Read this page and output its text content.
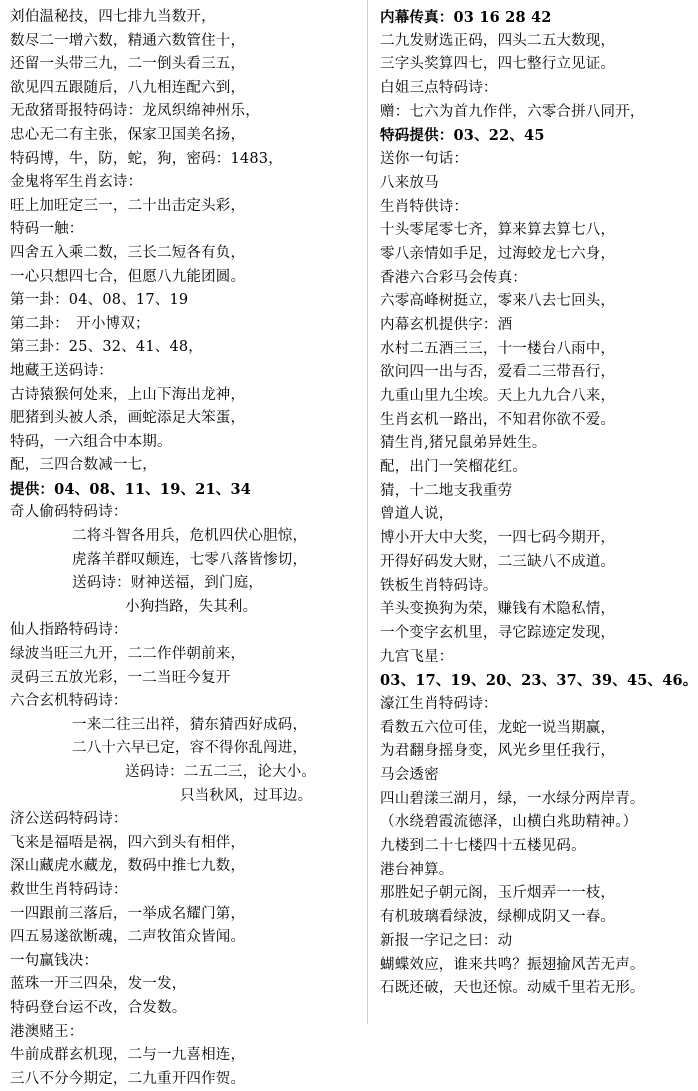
刘伯温秘技，四七排九当数开，
数尽二一增六数，精通六数管住十，
还留一头带三九，二一倒头看三五，
欲见四五跟随后，八九相连配六到，
无敌猪哥报特码诗：龙凤织绵神州乐，
忠心无二有主张，保家卫国美名扬，
特码博，牛，防，蛇，狗，密码：1483，
金鬼将军生肖玄诗：
旺上加旺定三一，二十出击定头彩，
特码一触：
四舍五入乘二数，三长二短各有负，
一心只想四七合，但愿八九能团圆。
第一卦：04、08、17、19
第二卦：　开小博双；
第三卦：25、32、41、48，
地藏王送码诗：
古诗猿猴何处来，上山下海出龙神，
肥猪到头被人杀，画蛇添足大笨蛋，
特码，一六组合中本期。
配，三四合数减一七，
提供：04、08、11、19、21、34
奇人偷码特码诗：
二将斗智各用兵，危机四伏心胆惊，
虎落羊群叹颠连，七零八落皆惨切，
送码诗：财神送福，到门庭，
小狗挡路，失其利。
仙人指路特码诗：
绿波当旺三九开，二二作伴朝前来，
灵码三五放光彩，一二当旺今复开
六合玄机特码诗：
一来二往三出祥，猜东猜西好成码，
二八十六早已定，容不得你乱闯进，
送码诗：二五二三，论大小。
只当秋风，过耳边。
济公送码特码诗：
飞来是福唔是祸，四六到头有相伴，
深山藏虎水藏龙，数码中推七九数，
救世生肖特码诗：
一四跟前三落后，一举成名耀门第，
四五易遂欲断魂，二声牧笛众皆闻。
一句赢钱决：
蓝珠一开三四朵，发一发，
特码登台运不改，合发数。
港澳赌王：
牛前成群玄机现，二与一九喜相连，
三八不分今期定，二九重开四作贺。
内幕传真：03 16 28 42
二九发财选正码，四头二五大数现，
三字头奖算四七，四七整行立见证。
白姐三点特码诗：
赠：七六为首九作伴，六零合拼八同开，
特码提供：03、22、45
送你一句话：
八来放马
生肖特供诗：
十头零尾零七齐，算来算去算七八，
零八亲情如手足，过海蛟龙七六身，
香港六合彩马会传真：
六零高峰树挺立，零来八去七回头，
内幕玄机提供字：酒
水村二五酒三三，十一楼台八雨中，
欲问四一出与否，爱看二三带吾行，
九重山里九尘埃。天上九九合八来，
生肖玄机一路出，不知君你欲不爱。
猜生肖,猪兄鼠弟异姓生。
配，出门一笑榴花红。
猜，十二地支我重劳
曾道人说，
博小开大中大奖，一四七码今期开，
开得好码发大财，二三缺八不成道。
铁板生肖特码诗。
羊头变换狗为荣，赚钱有术隐私情，
一个变字玄机里，寻它踪迹定发现，
九宫飞星：
03、17、19、20、23、37、39、45、46。
濠江生肖特码诗：
看数五六位可佳，龙蛇一说当期赢，
为君翻身摇身变，风光乡里任我行，
马会透密
四山碧漾三湖月，绿，一水绿分两岸青。
（水绕碧霞流德泽，山横白兆助精神。）
九楼到二十七楼四十五楼见码。
港台神算。
那胜妃子朝元阁，玉斤烟弄一一枝，
有机玻璃看绿波，绿柳成阴又一春。
新报一字记之曰：动
蝴蝶效应，谁来共鸣？振翅揄风苦无声。
石既还破，天也还惊。动威千里若无形。
